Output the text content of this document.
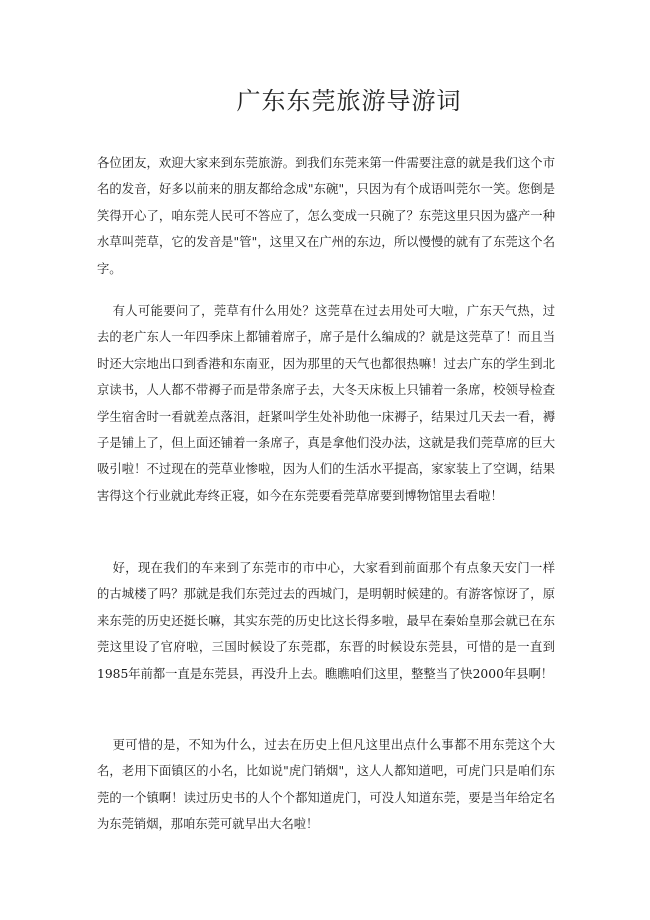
广东东莞旅游导游词

各位团友，欢迎大家来到东莞旅游。到我们东莞来第一件需要注意的就是我们这个市名的发音，好多以前来的朋友都给念成"东碗"，只因为有个成语叫莞尔一笑。您倒是笑得开心了，咱东莞人民可不答应了，怎么变成一只碗了？东莞这里只因为盛产一种水草叫莞草，它的发音是"管"，这里又在广州的东边，所以慢慢的就有了东莞这个名字。

有人可能要问了，莞草有什么用处？这莞草在过去用处可大啦，广东天气热，过去的老广东人一年四季床上都铺着席子，席子是什么编成的？就是这莞草了！而且当时还大宗地出口到香港和东南亚，因为那里的天气也都很热嘛！过去广东的学生到北京读书，人人都不带褥子而是带条席子去，大冬天床板上只铺着一条席，校领导检查学生宿舍时一看就差点落泪，赶紧叫学生处补助他一床褥子，结果过几天去一看，褥子是铺上了，但上面还铺着一条席子，真是拿他们没办法，这就是我们莞草席的巨大吸引啦！不过现在的莞草业惨啦，因为人们的生活水平提高，家家装上了空调，结果害得这个行业就此寿终正寝，如今在东莞要看莞草席要到博物馆里去看啦！

好，现在我们的车来到了东莞市的市中心，大家看到前面那个有点象天安门一样的古城楼了吗？那就是我们东莞过去的西城门，是明朝时候建的。有游客惊讶了，原来东莞的历史还挺长嘛，其实东莞的历史比这长得多啦，最早在秦始皇那会就已在东莞这里设了官府啦，三国时候设了东莞郡，东晋的时候设东莞县，可惜的是一直到1985年前都一直是东莞县，再没升上去。瞧瞧咱们这里，整整当了快2000年县啊！

更可惜的是，不知为什么，过去在历史上但凡这里出点什么事都不用东莞这个大名，老用下面镇区的小名，比如说"虎门销烟"，这人人都知道吧，可虎门只是咱们东莞的一个镇啊！读过历史书的人个个都知道虎门，可没人知道东莞，要是当年给定名为东莞销烟，那咱东莞可就早出大名啦！
